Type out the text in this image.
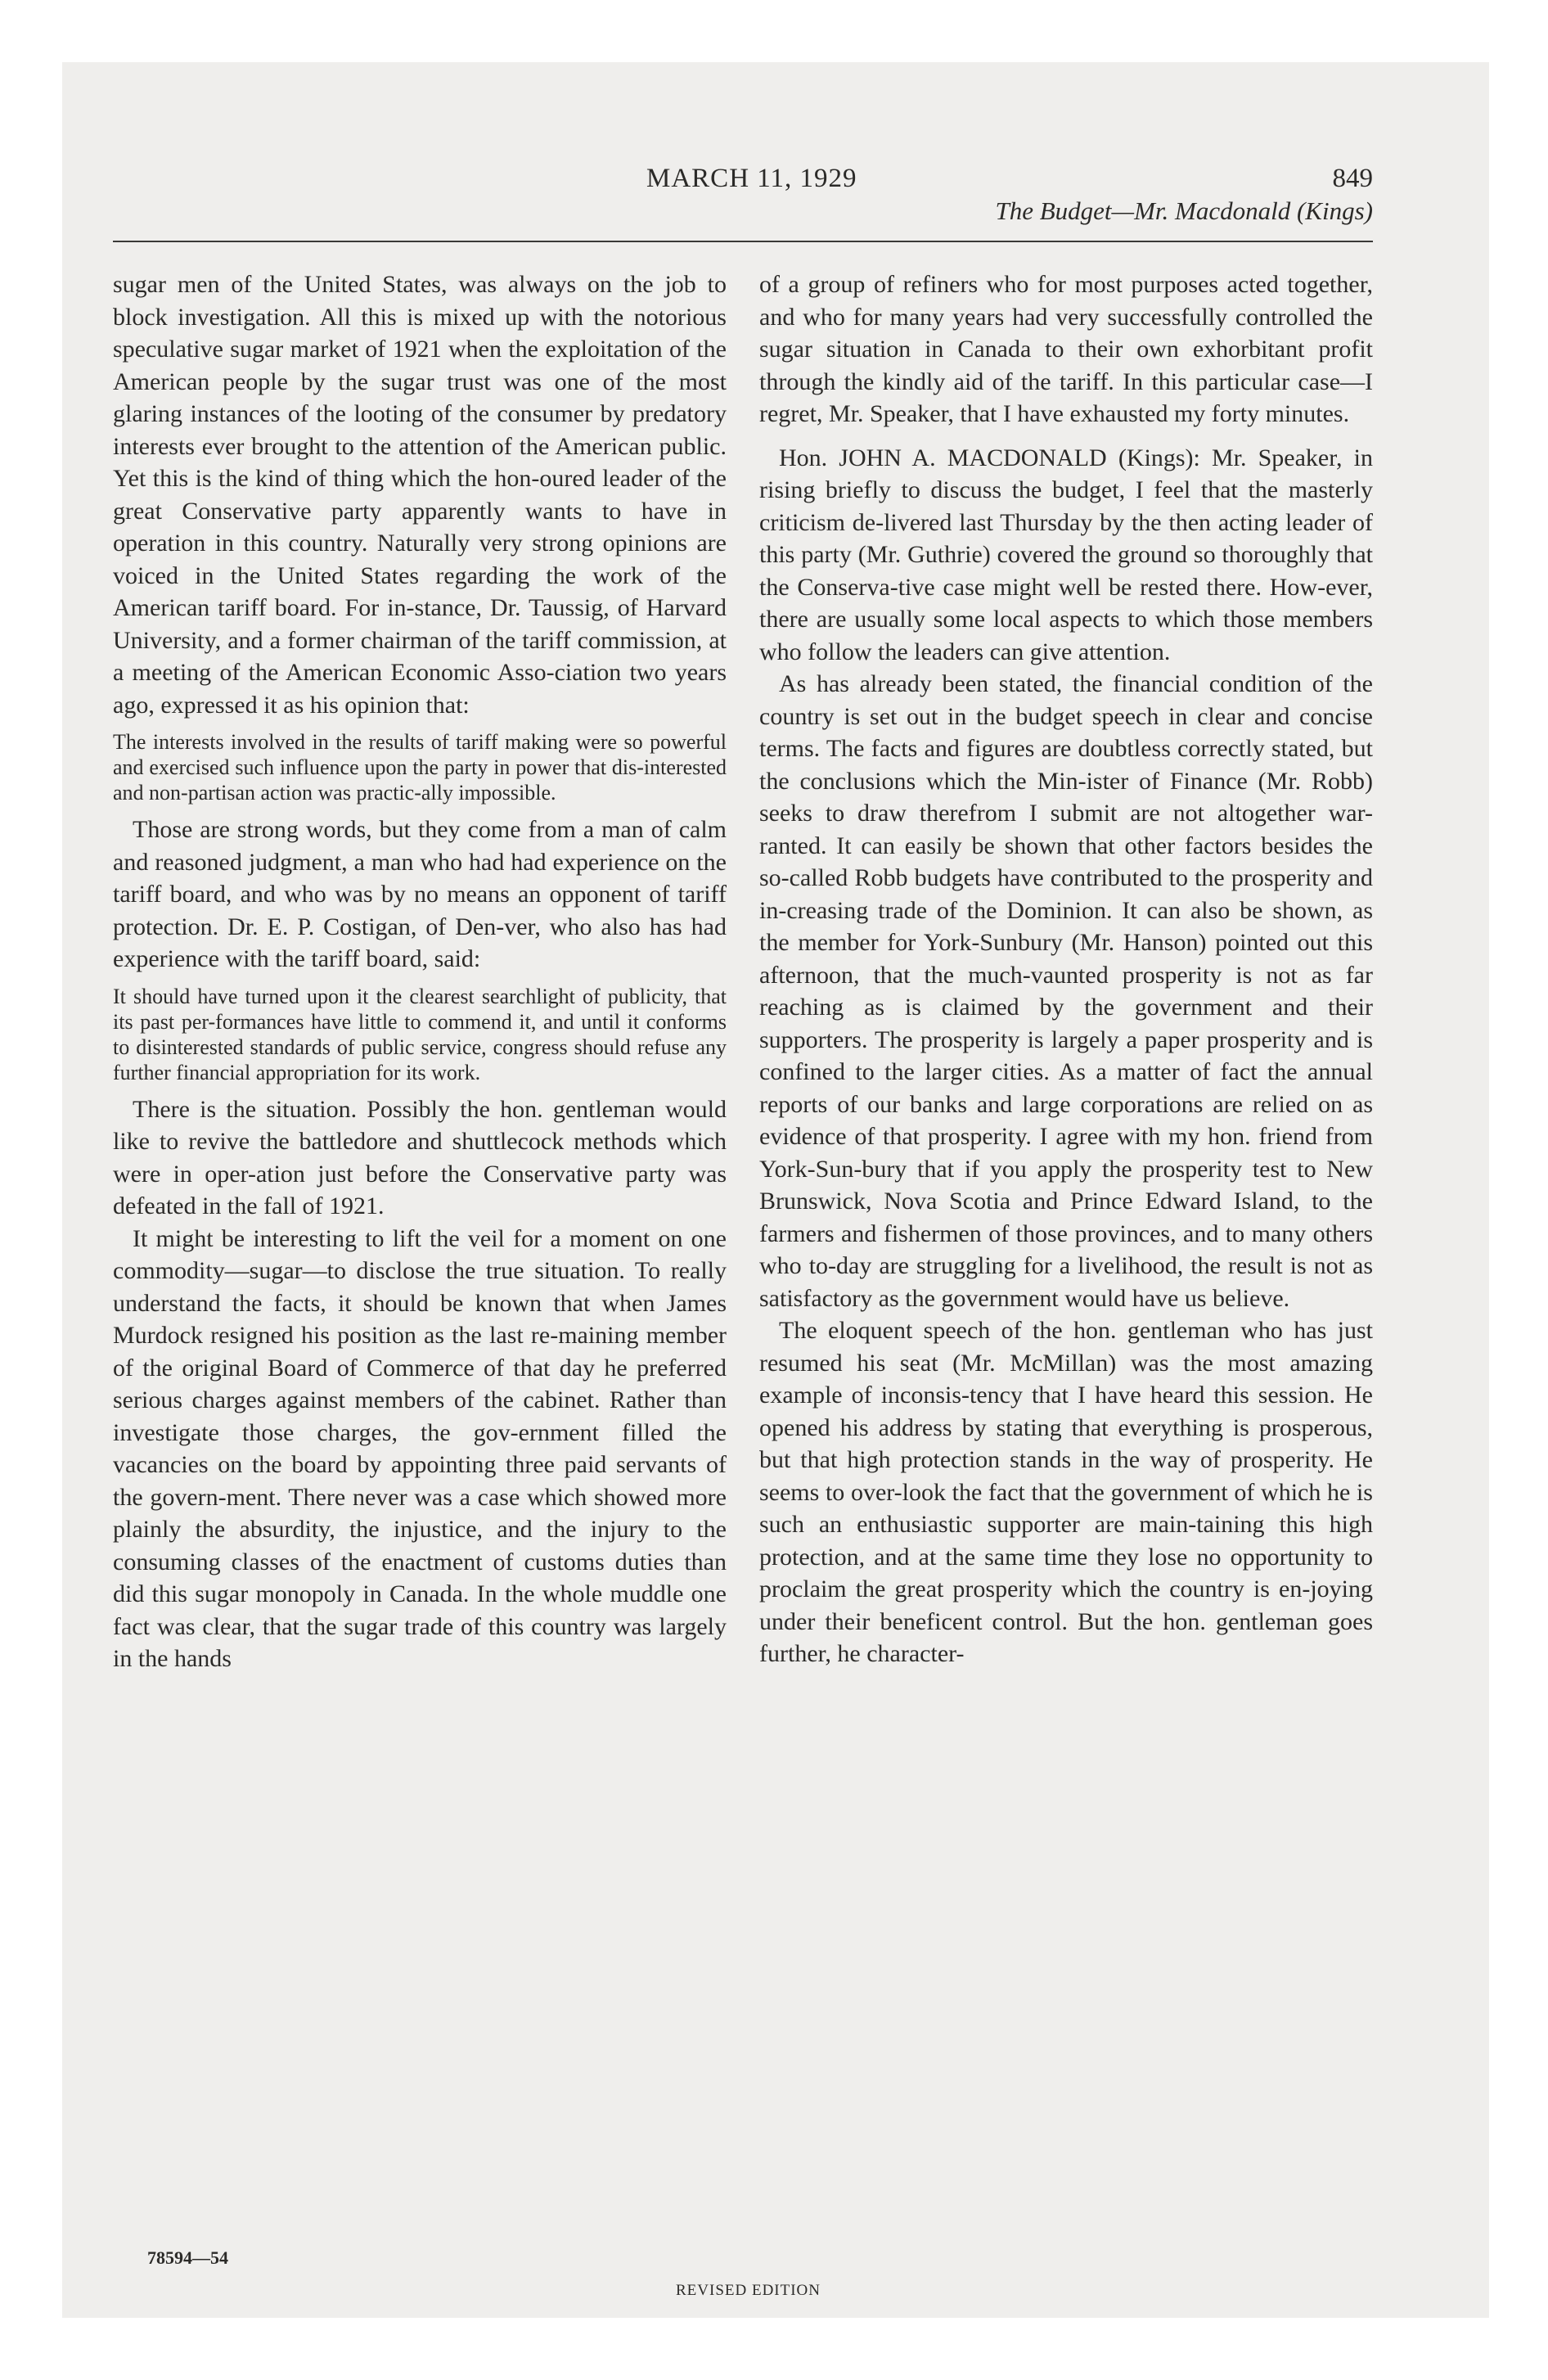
MARCH 11, 1929	849
The Budget—Mr. Macdonald (Kings)

sugar men of the United States, was always on the job to block investigation. All this is mixed up with the notorious speculative sugar market of 1921 when the exploitation of the American people by the sugar trust was one of the most glaring instances of the looting of the consumer by predatory interests ever brought to the attention of the American public. Yet this is the kind of thing which the hon-oured leader of the great Conservative party apparently wants to have in operation in this country. Naturally very strong opinions are voiced in the United States regarding the work of the American tariff board. For in-stance, Dr. Taussig, of Harvard University, and a former chairman of the tariff commission, at a meeting of the American Economic Asso-ciation two years ago, expressed it as his opinion that:

The interests involved in the results of tariff making were so powerful and exercised such influence upon the party in power that dis-interested and non-partisan action was practic-ally impossible.

Those are strong words, but they come from a man of calm and reasoned judgment, a man who had had experience on the tariff board, and who was by no means an opponent of tariff protection. Dr. E. P. Costigan, of Den-ver, who also has had experience with the tariff board, said:

It should have turned upon it the clearest searchlight of publicity, that its past per-formances have little to commend it, and until it conforms to disinterested standards of public service, congress should refuse any further financial appropriation for its work.

There is the situation. Possibly the hon. gentleman would like to revive the battledore and shuttlecock methods which were in oper-ation just before the Conservative party was defeated in the fall of 1921.

It might be interesting to lift the veil for a moment on one commodity—sugar—to disclose the true situation. To really understand the facts, it should be known that when James Murdock resigned his position as the last re-maining member of the original Board of Commerce of that day he preferred serious charges against members of the cabinet. Rather than investigate those charges, the gov-ernment filled the vacancies on the board by appointing three paid servants of the govern-ment. There never was a case which showed more plainly the absurdity, the injustice, and the injury to the consuming classes of the enactment of customs duties than did this sugar monopoly in Canada. In the whole muddle one fact was clear, that the sugar trade of this country was largely in the hands

of a group of refiners who for most purposes acted together, and who for many years had very successfully controlled the sugar situation in Canada to their own exhorbitant profit through the kindly aid of the tariff. In this particular case—I regret, Mr. Speaker, that I have exhausted my forty minutes.

Hon. JOHN A. MACDONALD (Kings): Mr. Speaker, in rising briefly to discuss the budget, I feel that the masterly criticism de-livered last Thursday by the then acting leader of this party (Mr. Guthrie) covered the ground so thoroughly that the Conserva-tive case might well be rested there. How-ever, there are usually some local aspects to which those members who follow the leaders can give attention.

As has already been stated, the financial condition of the country is set out in the budget speech in clear and concise terms. The facts and figures are doubtless correctly stated, but the conclusions which the Min-ister of Finance (Mr. Robb) seeks to draw therefrom I submit are not altogether war-ranted. It can easily be shown that other factors besides the so-called Robb budgets have contributed to the prosperity and in-creasing trade of the Dominion. It can also be shown, as the member for York-Sunbury (Mr. Hanson) pointed out this afternoon, that the much-vaunted prosperity is not as far reaching as is claimed by the government and their supporters. The prosperity is largely a paper prosperity and is confined to the larger cities. As a matter of fact the annual reports of our banks and large corporations are relied on as evidence of that prosperity. I agree with my hon. friend from York-Sun-bury that if you apply the prosperity test to New Brunswick, Nova Scotia and Prince Edward Island, to the farmers and fishermen of those provinces, and to many others who to-day are struggling for a livelihood, the result is not as satisfactory as the government would have us believe.

The eloquent speech of the hon. gentleman who has just resumed his seat (Mr. McMillan) was the most amazing example of inconsis-tency that I have heard this session. He opened his address by stating that everything is prosperous, but that high protection stands in the way of prosperity. He seems to over-look the fact that the government of which he is such an enthusiastic supporter are main-taining this high protection, and at the same time they lose no opportunity to proclaim the great prosperity which the country is en-joying under their beneficent control. But the hon. gentleman goes further, he character-

78594—54
REVISED EDITION
